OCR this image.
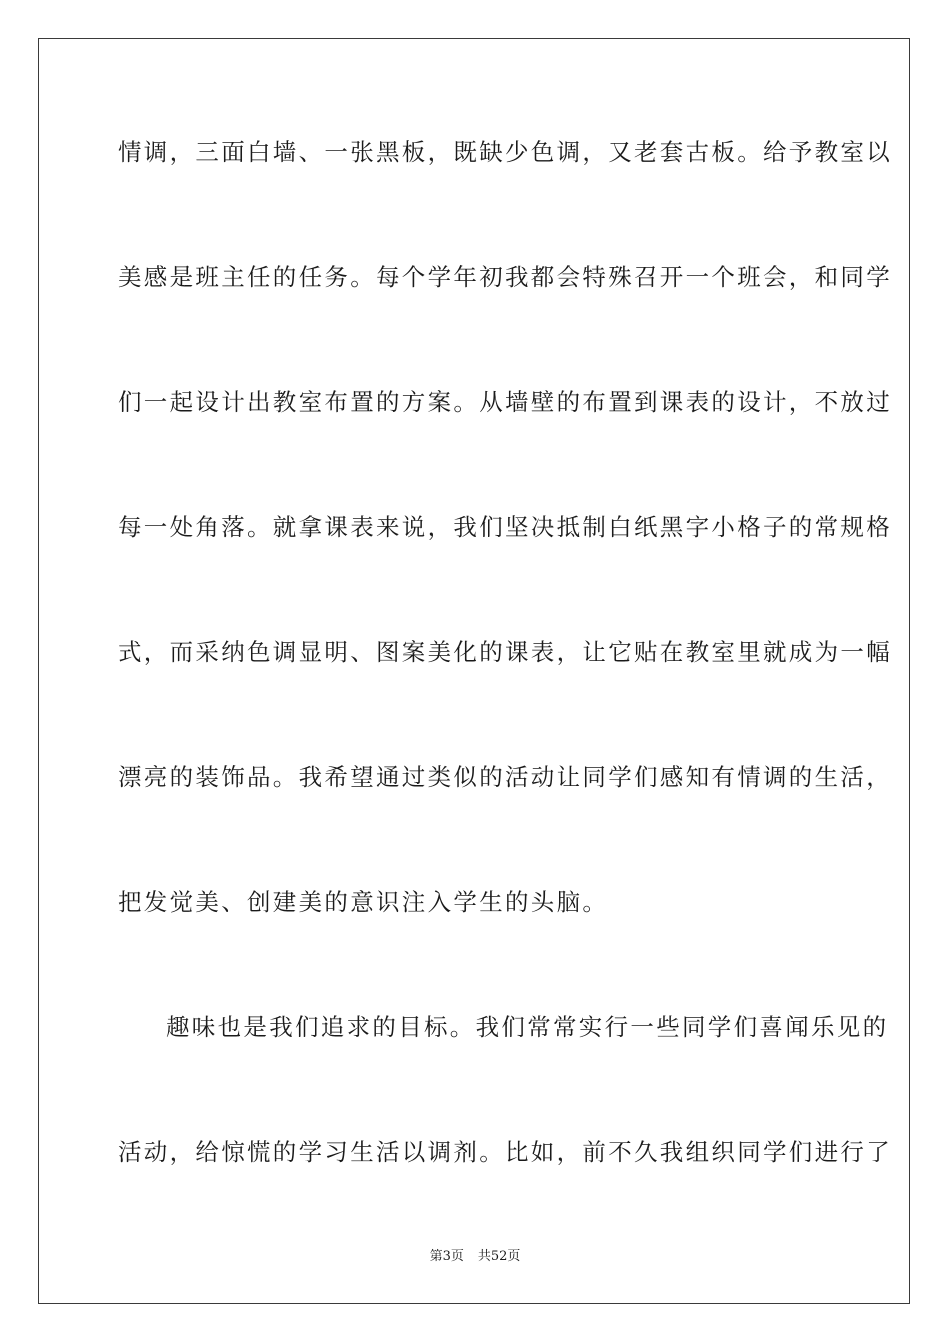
情调，三面白墙、一张黑板，既缺少色调，又老套古板。给予教室以
美感是班主任的任务。每个学年初我都会特殊召开一个班会，和同学
们一起设计出教室布置的方案。从墙壁的布置到课表的设计，不放过
每一处角落。就拿课表来说，我们坚决抵制白纸黑字小格子的常规格
式，而采纳色调显明、图案美化的课表，让它贴在教室里就成为一幅
漂亮的装饰品。我希望通过类似的活动让同学们感知有情调的生活，
把发觉美、创建美的意识注入学生的头脑。
趣味也是我们追求的目标。我们常常实行一些同学们喜闻乐见的
活动，给惊慌的学习生活以调剂。比如，前不久我组织同学们进行了
第3页 共52页
